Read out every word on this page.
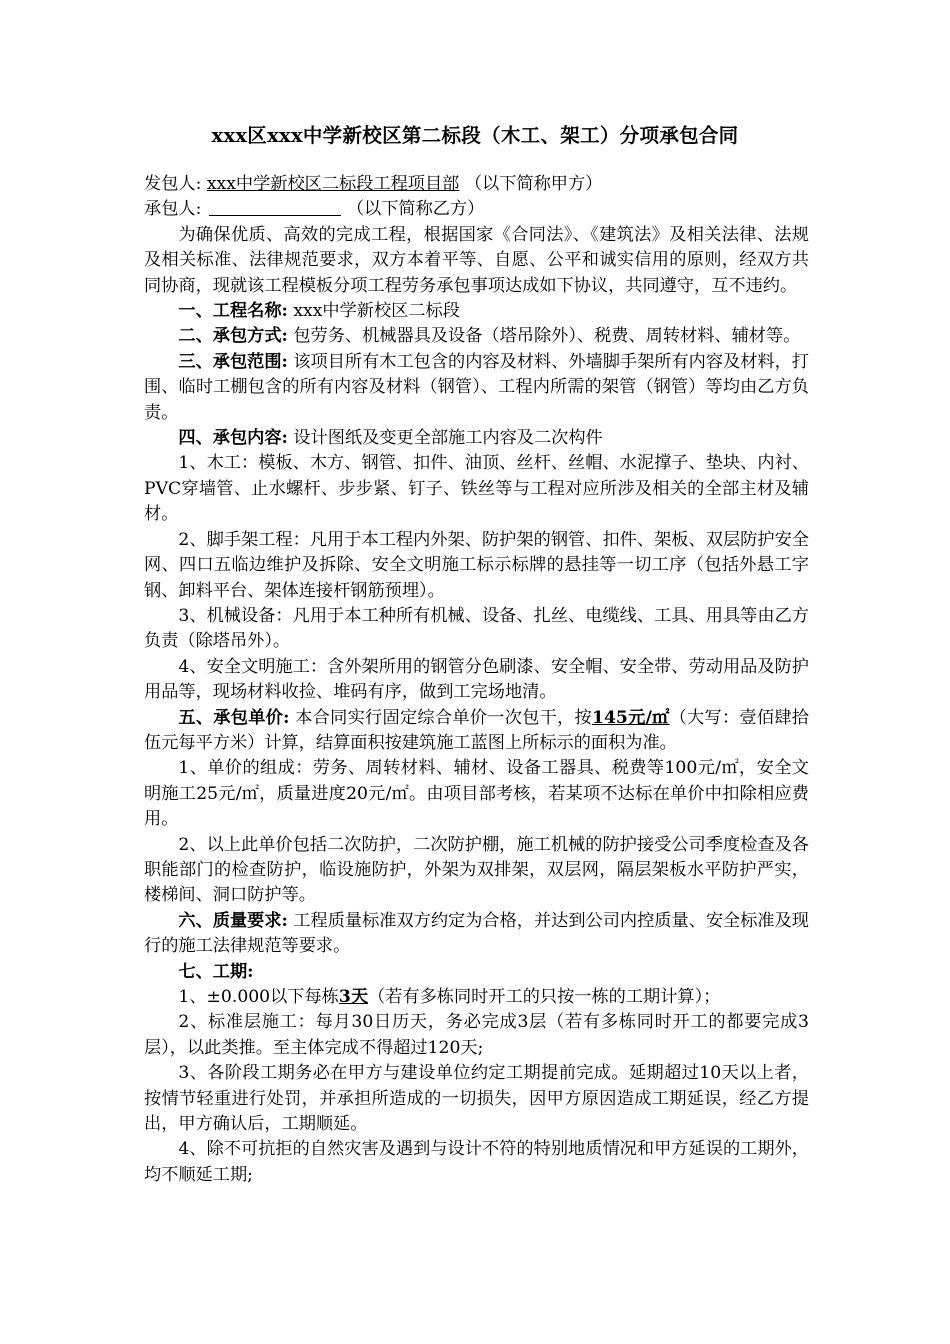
xxx区xxx中学新校区第二标段（木工、架工）分项承包合同

发包人: xxx中学新校区二标段工程项目部 （以下简称甲方）

承包人:	（以下简称乙方）

为确保优质、高效的完成工程，根据国家《合同法》、《建筑法》及相关法律、法规及相关标准、法律规范要求，双方本着平等、自愿、公平和诚实信用的原则，经双方共同协商，现就该工程模板分项工程劳务承包事项达成如下协议，共同遵守，互不违约。

一、工程名称: xxx中学新校区二标段

二、承包方式: 包劳务、机械器具及设备（塔吊除外）、税费、周转材料、辅材等。

三、承包范围: 该项目所有木工包含的内容及材料、外墙脚手架所有内容及材料，打围、临时工棚包含的所有内容及材料（钢管）、工程内所需的架管（钢管）等均由乙方负责。

四、承包内容: 设计图纸及变更全部施工内容及二次构件

1、木工：模板、木方、钢管、扣件、油顶、丝杆、丝帽、水泥撑子、垫块、内衬、PVC穿墙管、止水螺杆、步步紧、钉子、铁丝等与工程对应所涉及相关的全部主材及辅材。

2、脚手架工程：凡用于本工程内外架、防护架的钢管、扣件、架板、双层防护安全网、四口五临边维护及拆除、安全文明施工标示标牌的悬挂等一切工序（包括外悬工字钢、卸料平台、架体连接杆钢筋预埋）。

3、机械设备：凡用于本工种所有机械、设备、扎丝、电缆线、工具、用具等由乙方负责（除塔吊外）。

4、安全文明施工：含外架所用的钢管分色刷漆、安全帽、安全带、劳动用品及防护用品等，现场材料收捡、堆码有序，做到工完场地清。

五、承包单价: 本合同实行固定综合单价一次包干，按145元/㎡（大写：壹佰肆拾伍元每平方米）计算，结算面积按建筑施工蓝图上所标示的面积为准。

1、单价的组成：劳务、周转材料、辅材、设备工器具、税费等100元/㎡，安全文明施工25元/㎡，质量进度20元/㎡。由项目部考核，若某项不达标在单价中扣除相应费用。

2、以上此单价包括二次防护，二次防护棚，施工机械的防护接受公司季度检查及各职能部门的检查防护，临设施防护，外架为双排架，双层网，隔层架板水平防护严实，楼梯间、洞口防护等。

六、质量要求: 工程质量标准双方约定为合格，并达到公司内控质量、安全标准及现行的施工法律规范等要求。

七、工期:

1、±0.000以下每栋3天（若有多栋同时开工的只按一栋的工期计算）；

2、标准层施工：每月30日历天，务必完成3层（若有多栋同时开工的都要完成3层），以此类推。至主体完成不得超过120天;

3、各阶段工期务必在甲方与建设单位约定工期提前完成。延期超过10天以上者，按情节轻重进行处罚，并承担所造成的一切损失，因甲方原因造成工期延误，经乙方提出，甲方确认后，工期顺延。

4、除不可抗拒的自然灾害及遇到与设计不符的特别地质情况和甲方延误的工期外，均不顺延工期;
